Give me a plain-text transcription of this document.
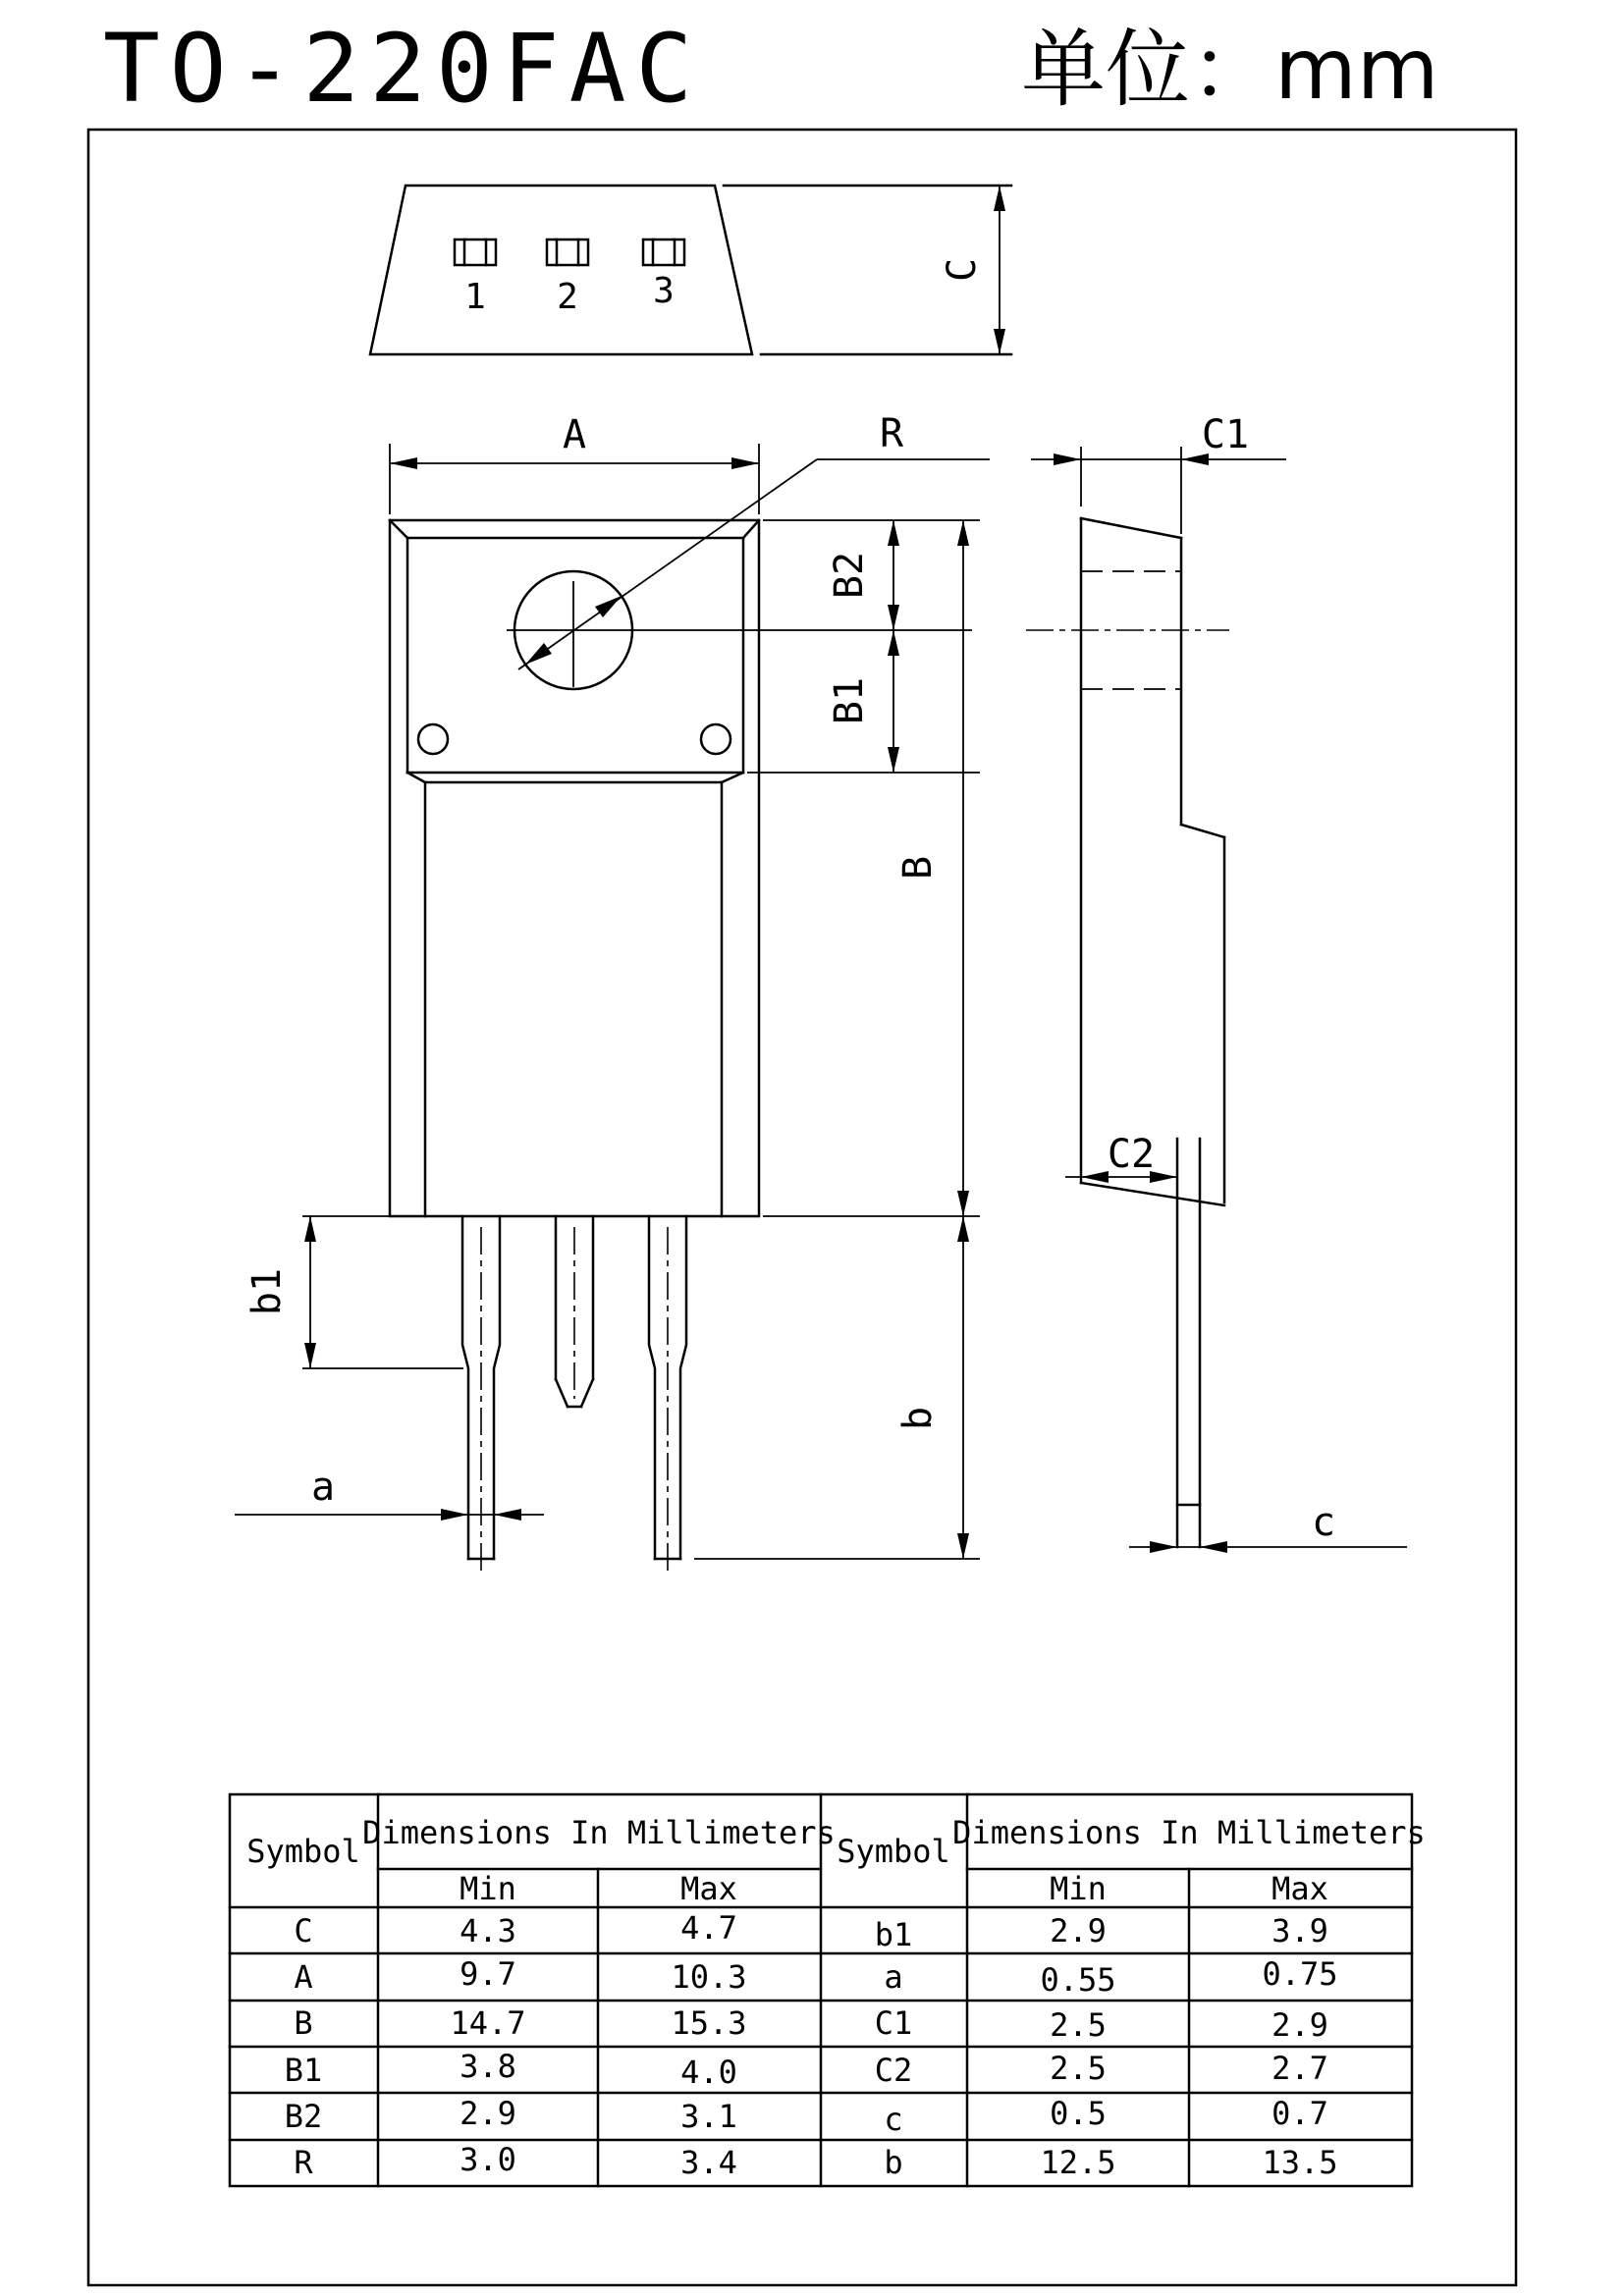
TO-220FAC	单位：mm
1 2 3
C
R
A
B2
B1
B
b
b1
a
C1
C2
c
Symbol Dimensions In Millimeters
Min	Max
Symbol Dimensions In Millimeters
Min	Max
C	4.3	4.7
A	9.7	10.3
B	14.7	15.3
B1	3.8	4.0
B2	2.9	3.1
R	3.0	3.4
b1	2.9	3.9
a	0.55	0.75
C1	2.5	2.9
C2	2.5	2.7
c	0.5	0.7
b	12.5	13.5
